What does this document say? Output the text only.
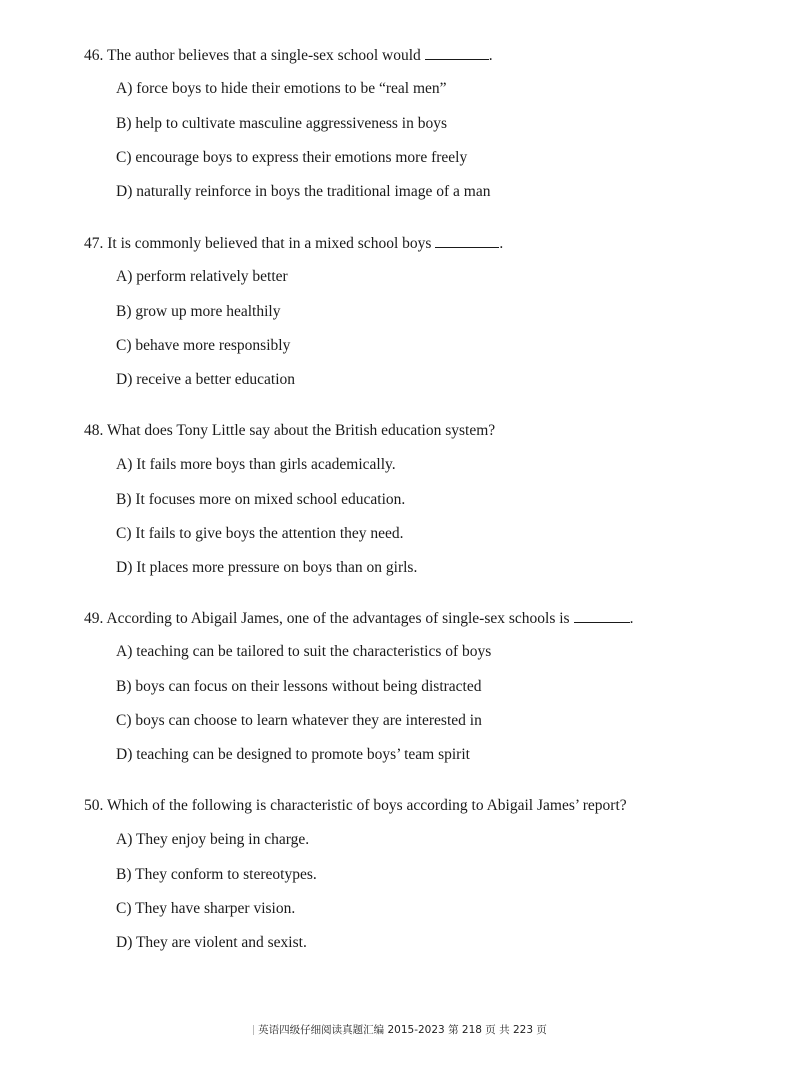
46. The author believes that a single-sex school would	.
A) force boys to hide their emotions to be “real men”
B) help to cultivate masculine aggressiveness in boys
C) encourage boys to express their emotions more freely
D) naturally reinforce in boys the traditional image of a man
47. It is commonly believed that in a mixed school boys	.
A) perform relatively better
B) grow up more healthily
C) behave more responsibly
D) receive a better education
48. What does Tony Little say about the British education system?
A) It fails more boys than girls academically.
B) It focuses more on mixed school education.
C) It fails to give boys the attention they need.
D) It places more pressure on boys than on girls.
49. According to Abigail James, one of the advantages of single-sex schools is	.
A) teaching can be tailored to suit the characteristics of boys
B) boys can focus on their lessons without being distracted
C) boys can choose to learn whatever they are interested in
D) teaching can be designed to promote boys’ team spirit
50. Which of the following is characteristic of boys according to Abigail James’ report?
A) They enjoy being in charge.
B) They conform to stereotypes.
C) They have sharper vision.
D) They are violent and sexist.
英语四级仔细阅读真题汇编 2015-2023 第 218 页 共 223 页
